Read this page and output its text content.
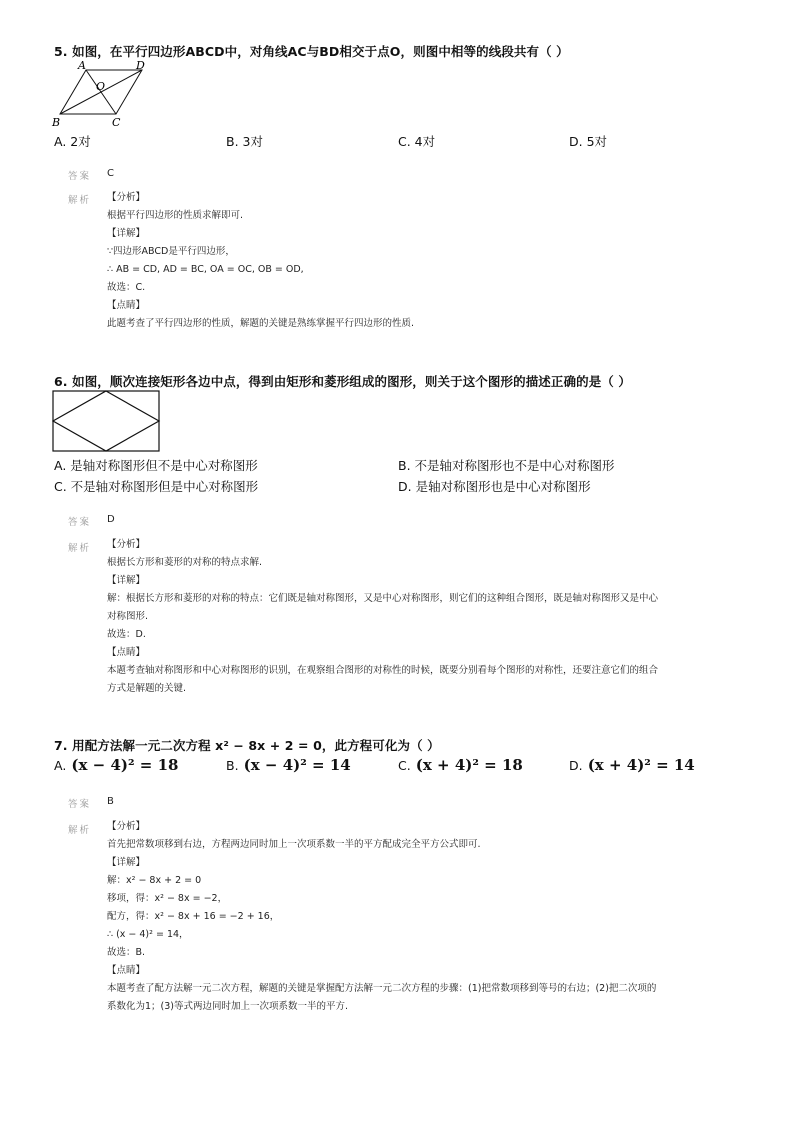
5. 如图，在平行四边形ABCD中，对角线AC与BD相交于点O，则图中相等的线段共有（ ）
A	D
O
B	C
A. 2对	B. 3对	C. 4对	D. 5对
答案 C
解析 【分析】
根据平行四边形的性质求解即可.
【详解】
∵四边形ABCD是平行四边形，
∴ AB = CD, AD = BC, OA = OC, OB = OD,
故选：C.
【点睛】
此题考查了平行四边形的性质，解题的关键是熟练掌握平行四边形的性质.
6. 如图，顺次连接矩形各边中点，得到由矩形和菱形组成的图形，则关于这个图形的描述正确的是（ ）
A. 是轴对称图形但不是中心对称图形	B. 不是轴对称图形也不是中心对称图形
C. 不是轴对称图形但是中心对称图形	D. 是轴对称图形也是中心对称图形
答案 D
解析 【分析】
根据长方形和菱形的对称的特点求解.
【详解】
解：根据长方形和菱形的对称的特点：它们既是轴对称图形，又是中心对称图形，则它们的这种组合图形，既是轴对称图形又是中心
对称图形.
故选：D.
【点睛】
本题考查轴对称图形和中心对称图形的识别，在观察组合图形的对称性的时候，既要分别看每个图形的对称性，还要注意它们的组合
方式是解题的关键.
7. 用配方法解一元二次方程 x² − 8x + 2 = 0，此方程可化为（ ）
A. (x − 4)² = 18	B. (x − 4)² = 14	C. (x + 4)² = 18	D. (x + 4)² = 14
答案 B
解析 【分析】
首先把常数项移到右边，方程两边同时加上一次项系数一半的平方配成完全平方公式即可.
【详解】
解：x² − 8x + 2 = 0
移项，得：x² − 8x = −2，
配方，得：x² − 8x + 16 = −2 + 16，
∴ (x − 4)² = 14，
故选：B.
【点睛】
本题考查了配方法解一元二次方程，解题的关键是掌握配方法解一元二次方程的步骤：(1)把常数项移到等号的右边；(2)把二次项的
系数化为1；(3)等式两边同时加上一次项系数一半的平方.
